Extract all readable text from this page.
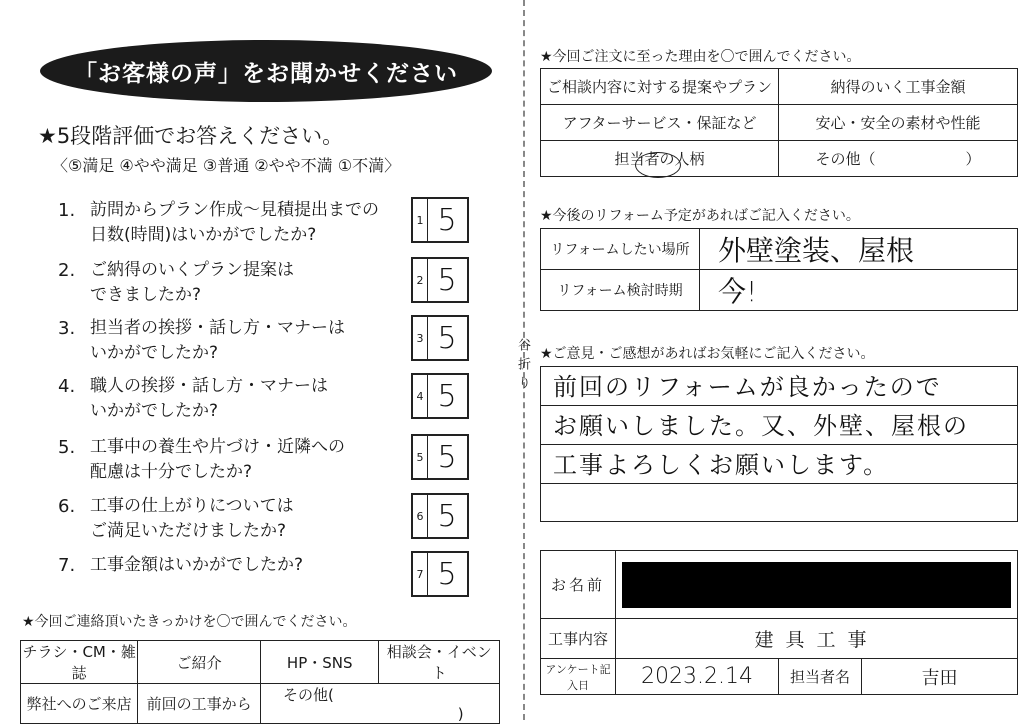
谷折り
「お客様の声」をお聞かせください
★5段階評価でお答えください。
〈⑤満足 ④やや満足 ③普通 ②やや不満 ①不満〉
1. 訪問からプラン作成～見積提出までの
日数(時間)はいかがでしたか?
1 5
2. ご納得のいくプラン提案は
できましたか?
2 5
3. 担当者の挨拶・話し方・マナーは
いかがでしたか?
3 5
4. 職人の挨拶・話し方・マナーは
いかがでしたか?
4 5
5. 工事中の養生や片づけ・近隣への
配慮は十分でしたか?
5 5
6. 工事の仕上がりについては
ご満足いただけましたか?
6 5
7. 工事金額はいかがでしたか?	7 5
★今回ご連絡頂いたきっかけを〇で囲んでください。
チラシ・CM・雑誌	ご紹介	HP・SNS	相談会・イベント
弊社へのご来店	前回の工事から	その他(  )	
★今回ご注文に至った理由を〇で囲んでください。
ご相談内容に対する提案やプラン	納得のいく工事金額
アフターサービス・保証など	安心・安全の素材や性能
担当者の人柄	その他（　　　　　　）
★今後のリフォーム予定があればご記入ください。
リフォームしたい場所	外壁塗装、屋根
リフォーム検討時期	今!
★ご意見・ご感想があればお気軽にご記入ください。
前回のリフォームが良かったので
お願いしました。又、外壁、屋根の
工事よろしくお願いします。
お名前			

工事内容	建具工事		
アンケート記入日	2023.2.14	担当者名	吉田
